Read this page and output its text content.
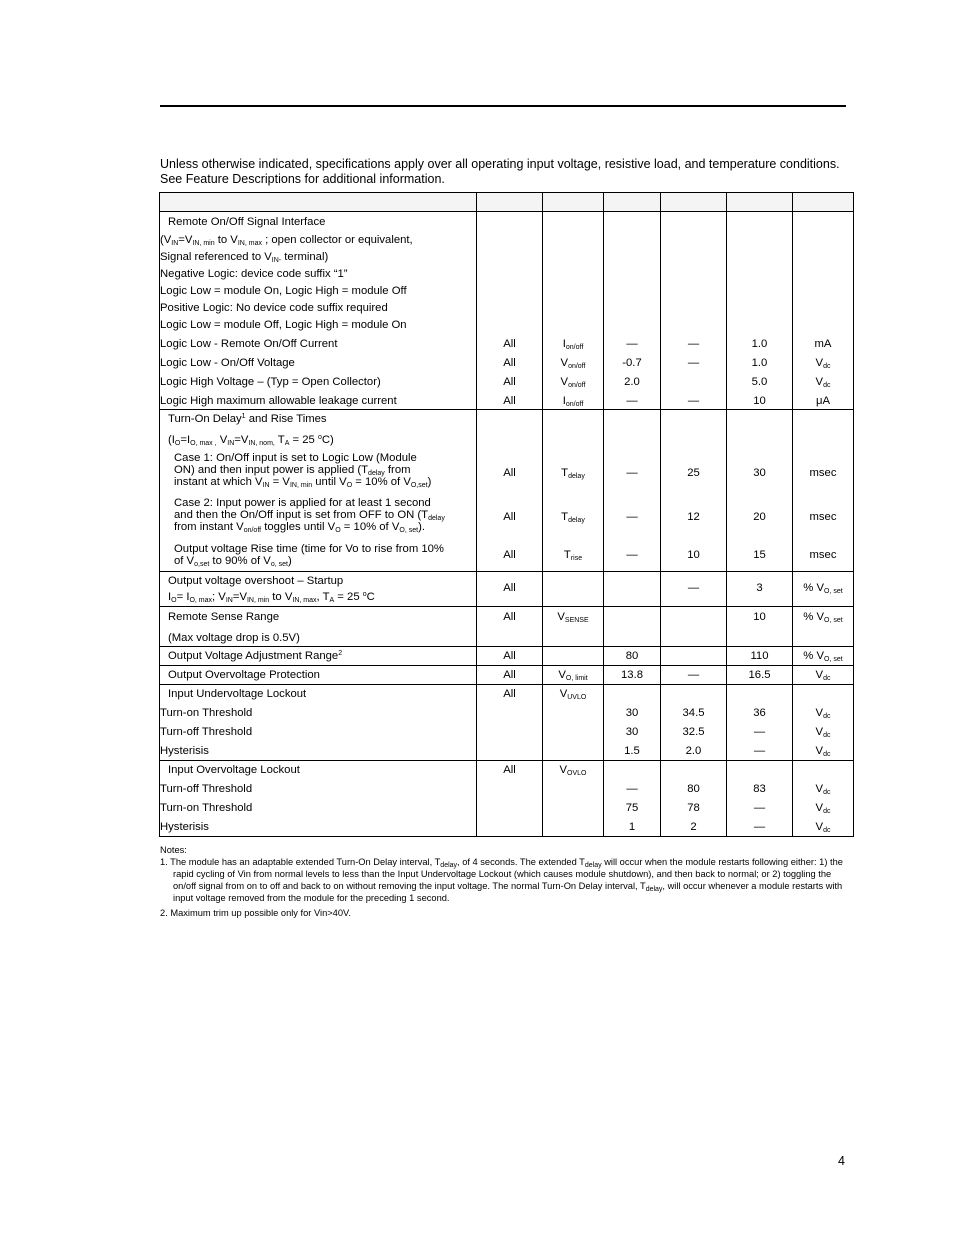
Unless otherwise indicated, specifications apply over all operating input voltage, resistive load, and temperature conditions. See Feature Descriptions for additional information.

Remote On/Off Signal Interface						
($V_{IN}=V_{IN, min}$ to $V_{IN, max}$ ; open collector or equivalent,						
Signal referenced to $V_{IN-}$ terminal)						
Negative Logic: device code suffix “1”						
Logic Low = module On, Logic High = module Off						
Positive Logic: No device code suffix required						
Logic Low = module Off, Logic High = module On						
Logic Low - Remote On/Off Current	All	$I_{on/off}$	—	—	1.0	mA
Logic Low - On/Off Voltage	All	$V_{on/off}$	-0.7	—	1.0	$V_{dc}$
Logic High Voltage – (Typ = Open Collector)	All	$V_{on/off}$	2.0		5.0	$V_{dc}$
Logic High maximum allowable leakage current	All	$I_{on/off}$	—	—	10	μA
Turn-On Delay$^1$ and Rise Times						
($I_O=I_{O, max ,}$ $V_{IN}=V_{IN, nom,}$ $T_A = 25$ $^o$C)						

Case 1: On/Off input is set to Logic Low (Module
ON) and then input power is applied ($T_{delay}$ from
instant at which $V_{IN} = V_{IN, min}$ until $V_O = 10\%$ of $V_{O,set}$)	All	$T_{delay}$	—	25	30	msec

Case 2: Input power is applied for at least 1 second
and then the On/Off input is set from OFF to ON ($T_{delay}$
from instant $V_{on/off}$ toggles until $V_O = 10\%$ of $V_{O, set}$).	All	$T_{delay}$	—	12	20	msec

Output voltage Rise time (time for Vo to rise from 10%
of $V_{o,set}$ to 90% of $V_{o, set}$)	All	$T_{rise}$	—	10	15	msec

Output voltage overshoot – Startup
$I_O= I_{O, max}$; $V_{IN}=V_{IN, min}$ to $V_{IN, max}$, $T_A = 25$ $^o$C	All			—	3	% $V_{O, set}$
Remote Sense Range	All	$V_{SENSE}$			10	% $V_{O, set}$
(Max voltage drop is 0.5V)						
Output Voltage Adjustment Range$^2$	All		80		110	% $V_{O, set}$
Output Overvoltage Protection	All	$V_{O, limit}$	13.8	—	16.5	$V_{dc}$
Input Undervoltage Lockout	All	$V_{UVLO}$				
Turn-on Threshold			30	34.5	36	$V_{dc}$
Turn-off Threshold			30	32.5	—	$V_{dc}$
Hysterisis			1.5	2.0	—	$V_{dc}$
Input Overvoltage Lockout	All	$V_{OVLO}$				
Turn-off Threshold			—	80	83	$V_{dc}$
Turn-on Threshold			75	78	—	$V_{dc}$
Hysterisis			1	2	—	$V_{dc}$
Notes:
1. The module has an adaptable extended Turn-On Delay interval, $T_{delay}$, of 4 seconds. The extended $T_{delay}$ will occur when the module restarts following either: 1) the rapid cycling of Vin from normal levels to less than the Input Undervoltage Lockout (which causes module shutdown), and then back to normal; or 2) toggling the on/off signal from on to off and back to on without removing the input voltage. The normal Turn-On Delay interval, $T_{delay}$, will occur whenever a module restarts with input voltage removed from the module for the preceding 1 second.
2. Maximum trim up possible only for Vin>40V.
4
